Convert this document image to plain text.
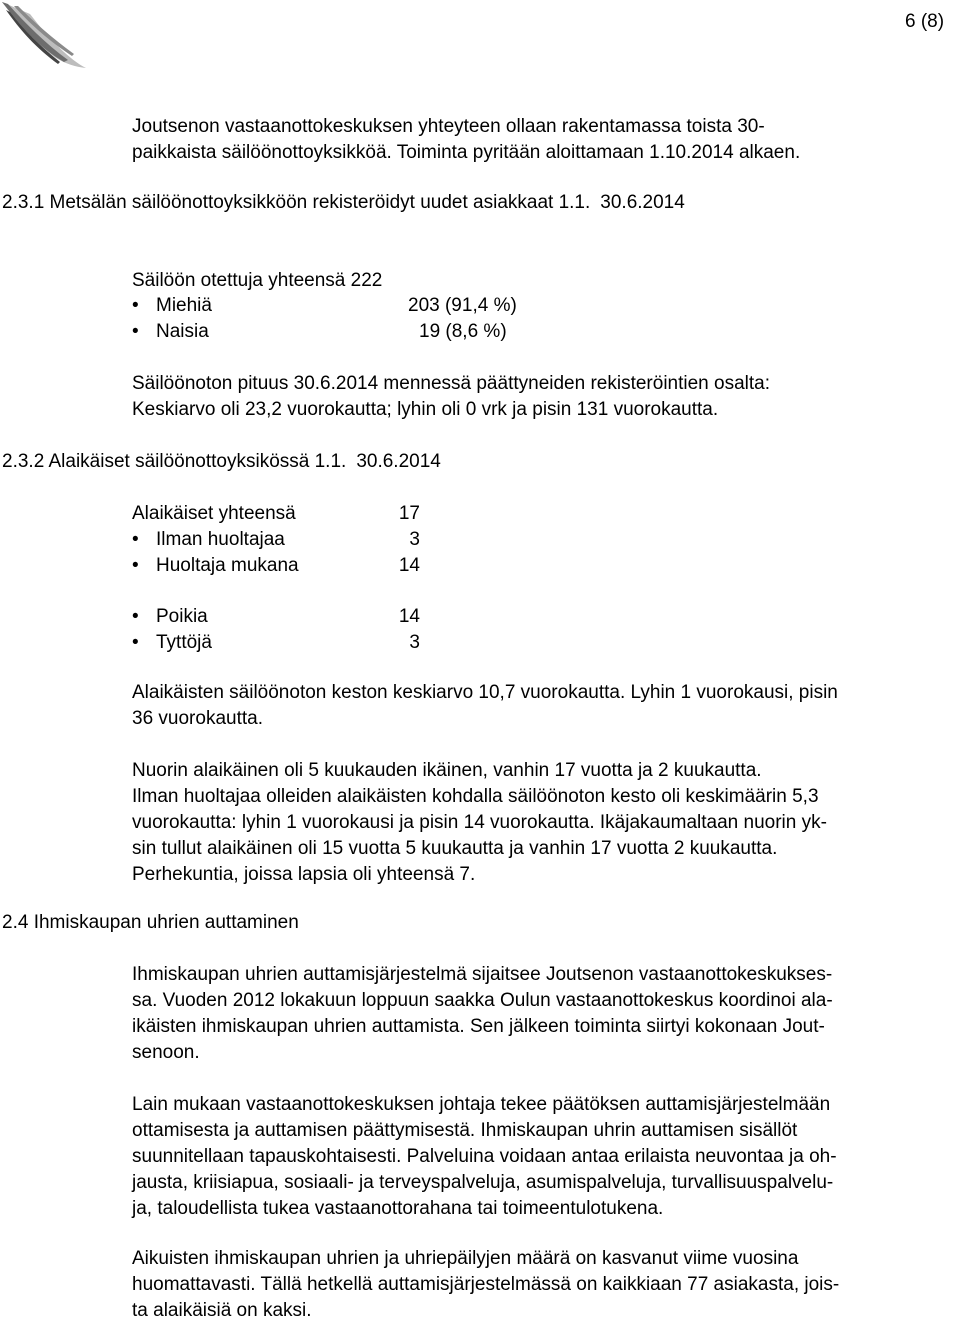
6 (8)
Joutsenon vastaanottokeskuksen yhteyteen ollaan rakentamassa toista 30-
paikkaista säilöönottoyksikköä. Toiminta pyritään aloittamaan 1.10.2014 alkaen.
2.3.1 Metsälän säilöönottoyksikköön rekisteröidyt uudet asiakkaat 1.1. 30.6.2014
Säilöön otettuja yhteensä 222
• Miehiä	203 (91,4 %)
• Naisia	19 (8,6 %)
Säilöönoton pituus 30.6.2014 mennessä päättyneiden rekisteröintien osalta:
Keskiarvo oli 23,2 vuorokautta; lyhin oli 0 vrk ja pisin 131 vuorokautta.
2.3.2 Alaikäiset säilöönottoyksikössä 1.1. 30.6.2014
Alaikäiset yhteensä	17
• Ilman huoltajaa	3
• Huoltaja mukana	14
• Poikia	14
• Tyttöjä	3

Alaikäisten säilöönoton keston keskiarvo 10,7 vuorokautta. Lyhin 1 vuorokausi, pisin

36 vuorokautta.

Nuorin alaikäinen oli 5 kuukauden ikäinen, vanhin 17 vuotta ja 2 kuukautta.

Ilman huoltajaa olleiden alaikäisten kohdalla säilöönoton kesto oli keskimäärin 5,3

vuorokautta: lyhin 1 vuorokausi ja pisin 14 vuorokautta. Ikäjakaumaltaan nuorin yk-

sin tullut alaikäinen oli 15 vuotta 5 kuukautta ja vanhin 17 vuotta 2 kuukautta.

Perhekuntia, joissa lapsia oli yhteensä 7.

2.4 Ihmiskaupan uhrien auttaminen

Ihmiskaupan uhrien auttamisjärjestelmä sijaitsee Joutsenon vastaanottokeskukses-

sa. Vuoden 2012 lokakuun loppuun saakka Oulun vastaanottokeskus koordinoi ala-

ikäisten ihmiskaupan uhrien auttamista. Sen jälkeen toiminta siirtyi kokonaan Jout-

senoon.

Lain mukaan vastaanottokeskuksen johtaja tekee päätöksen auttamisjärjestelmään

ottamisesta ja auttamisen päättymisestä. Ihmiskaupan uhrin auttamisen sisällöt

suunnitellaan tapauskohtaisesti. Palveluina voidaan antaa erilaista neuvontaa ja oh-

jausta, kriisiapua, sosiaali- ja terveyspalveluja, asumispalveluja, turvallisuuspalvelu-

ja, taloudellista tukea vastaanottorahana tai toimeentulotukena.

Aikuisten ihmiskaupan uhrien ja uhriepäilyjen määrä on kasvanut viime vuosina

huomattavasti. Tällä hetkellä auttamisjärjestelmässä on kaikkiaan 77 asiakasta, jois-

ta alaikäisiä on kaksi.
